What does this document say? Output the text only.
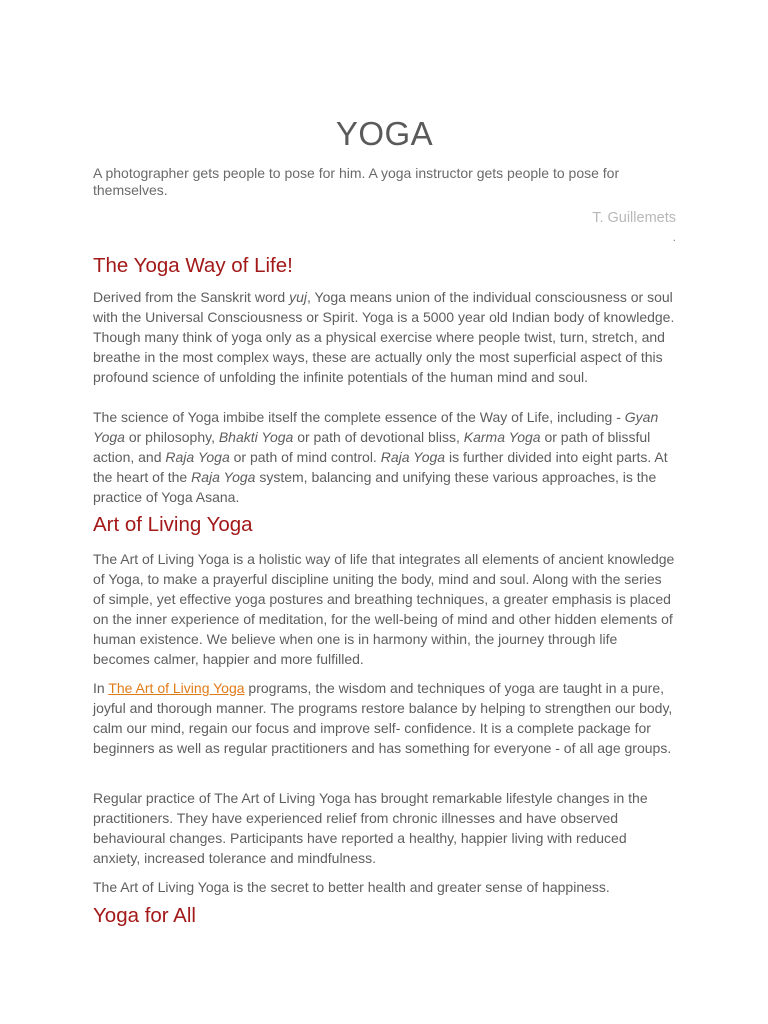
YOGA

A photographer gets people to pose for him. A yoga instructor gets people to pose for themselves.

T. Guillemets

.

The Yoga Way of Life!

Derived from the Sanskrit word yuj, Yoga means union of the individual consciousness or soul with the Universal Consciousness or Spirit. Yoga is a 5000 year old Indian body of knowledge. Though many think of yoga only as a physical exercise where people twist, turn, stretch, and breathe in the most complex ways, these are actually only the most superficial aspect of this profound science of unfolding the infinite potentials of the human mind and soul.

The science of Yoga imbibe itself the complete essence of the Way of Life, including - Gyan Yoga or philosophy, Bhakti Yoga or path of devotional bliss, Karma Yoga or path of blissful action, and Raja Yoga or path of mind control. Raja Yoga is further divided into eight parts. At the heart of the Raja Yoga system, balancing and unifying these various approaches, is the practice of Yoga Asana.

Art of Living Yoga

The Art of Living Yoga is a holistic way of life that integrates all elements of ancient knowledge of Yoga, to make a prayerful discipline uniting the body, mind and soul. Along with the series of simple, yet effective yoga postures and breathing techniques, a greater emphasis is placed on the inner experience of meditation, for the well-being of mind and other hidden elements of human existence. We believe when one is in harmony within, the journey through life becomes calmer, happier and more fulfilled.

In The Art of Living Yoga programs, the wisdom and techniques of yoga are taught in a pure, joyful and thorough manner. The programs restore balance by helping to strengthen our body, calm our mind, regain our focus and improve self- confidence. It is a complete package for beginners as well as regular practitioners and has something for everyone - of all age groups.

Regular practice of The Art of Living Yoga has brought remarkable lifestyle changes in the practitioners. They have experienced relief from chronic illnesses and have observed behavioural changes. Participants have reported a healthy, happier living with reduced anxiety, increased tolerance and mindfulness.

The Art of Living Yoga is the secret to better health and greater sense of happiness.

Yoga for All
